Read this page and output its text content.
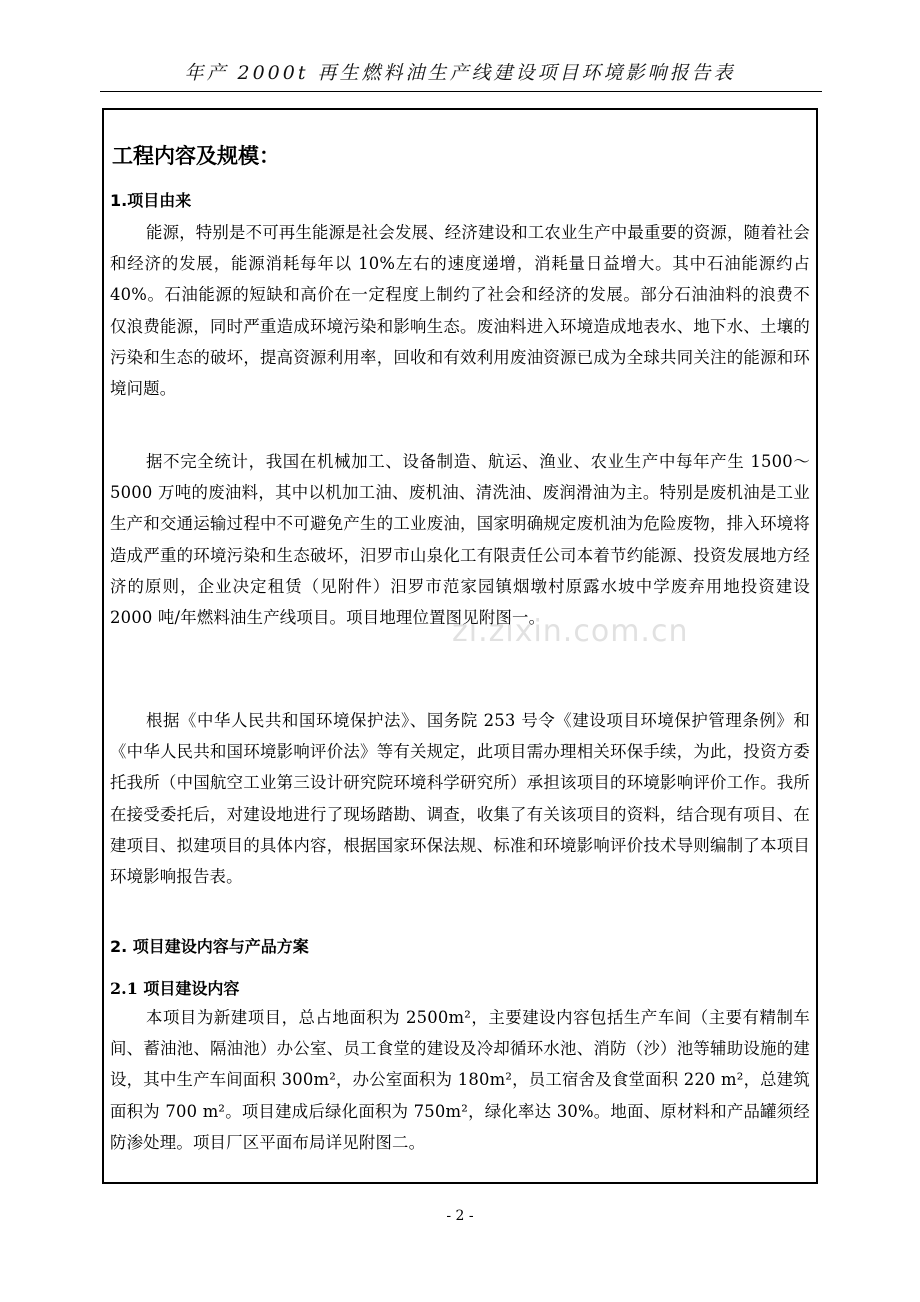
年产 2000t 再生燃料油生产线建设项目环境影响报告表
工程内容及规模：
1.项目由来

能源，特别是不可再生能源是社会发展、经济建设和工农业生产中最重要的资源，随着社会和经济的发展，能源消耗每年以 10%左右的速度递增，消耗量日益增大。其中石油能源约占 40%。石油能源的短缺和高价在一定程度上制约了社会和经济的发展。部分石油油料的浪费不仅浪费能源，同时严重造成环境污染和影响生态。废油料进入环境造成地表水、地下水、土壤的污染和生态的破坏，提高资源利用率，回收和有效利用废油资源已成为全球共同关注的能源和环境问题。

据不完全统计，我国在机械加工、设备制造、航运、渔业、农业生产中每年产生 1500～5000 万吨的废油料，其中以机加工油、废机油、清洗油、废润滑油为主。特别是废机油是工业生产和交通运输过程中不可避免产生的工业废油，国家明确规定废机油为危险废物，排入环境将造成严重的环境污染和生态破坏，汨罗市山泉化工有限责任公司本着节约能源、投资发展地方经济的原则，企业决定租赁（见附件）汨罗市范家园镇烟墩村原露水坡中学废弃用地投资建设 2000 吨/年燃料油生产线项目。项目地理位置图见附图一。

根据《中华人民共和国环境保护法》、国务院 253 号令《建设项目环境保护管理条例》和《中华人民共和国环境影响评价法》等有关规定，此项目需办理相关环保手续，为此，投资方委托我所（中国航空工业第三设计研究院环境科学研究所）承担该项目的环境影响评价工作。我所在接受委托后，对建设地进行了现场踏勘、调查，收集了有关该项目的资料，结合现有项目、在建项目、拟建项目的具体内容，根据国家环保法规、标准和环境影响评价技术导则编制了本项目环境影响报告表。

2. 项目建设内容与产品方案
2.1 项目建设内容

本项目为新建项目，总占地面积为 2500m²，主要建设内容包括生产车间（主要有精制车间、蓄油池、隔油池）办公室、员工食堂的建设及冷却循环水池、消防（沙）池等辅助设施的建设，其中生产车间面积 300m²，办公室面积为 180m²，员工宿舍及食堂面积 220 m²，总建筑面积为 700 m²。项目建成后绿化面积为 750m²，绿化率达 30%。地面、原材料和产品罐须经防渗处理。项目厂区平面布局详见附图二。

zl.zixin.com.cn
- 2 -
